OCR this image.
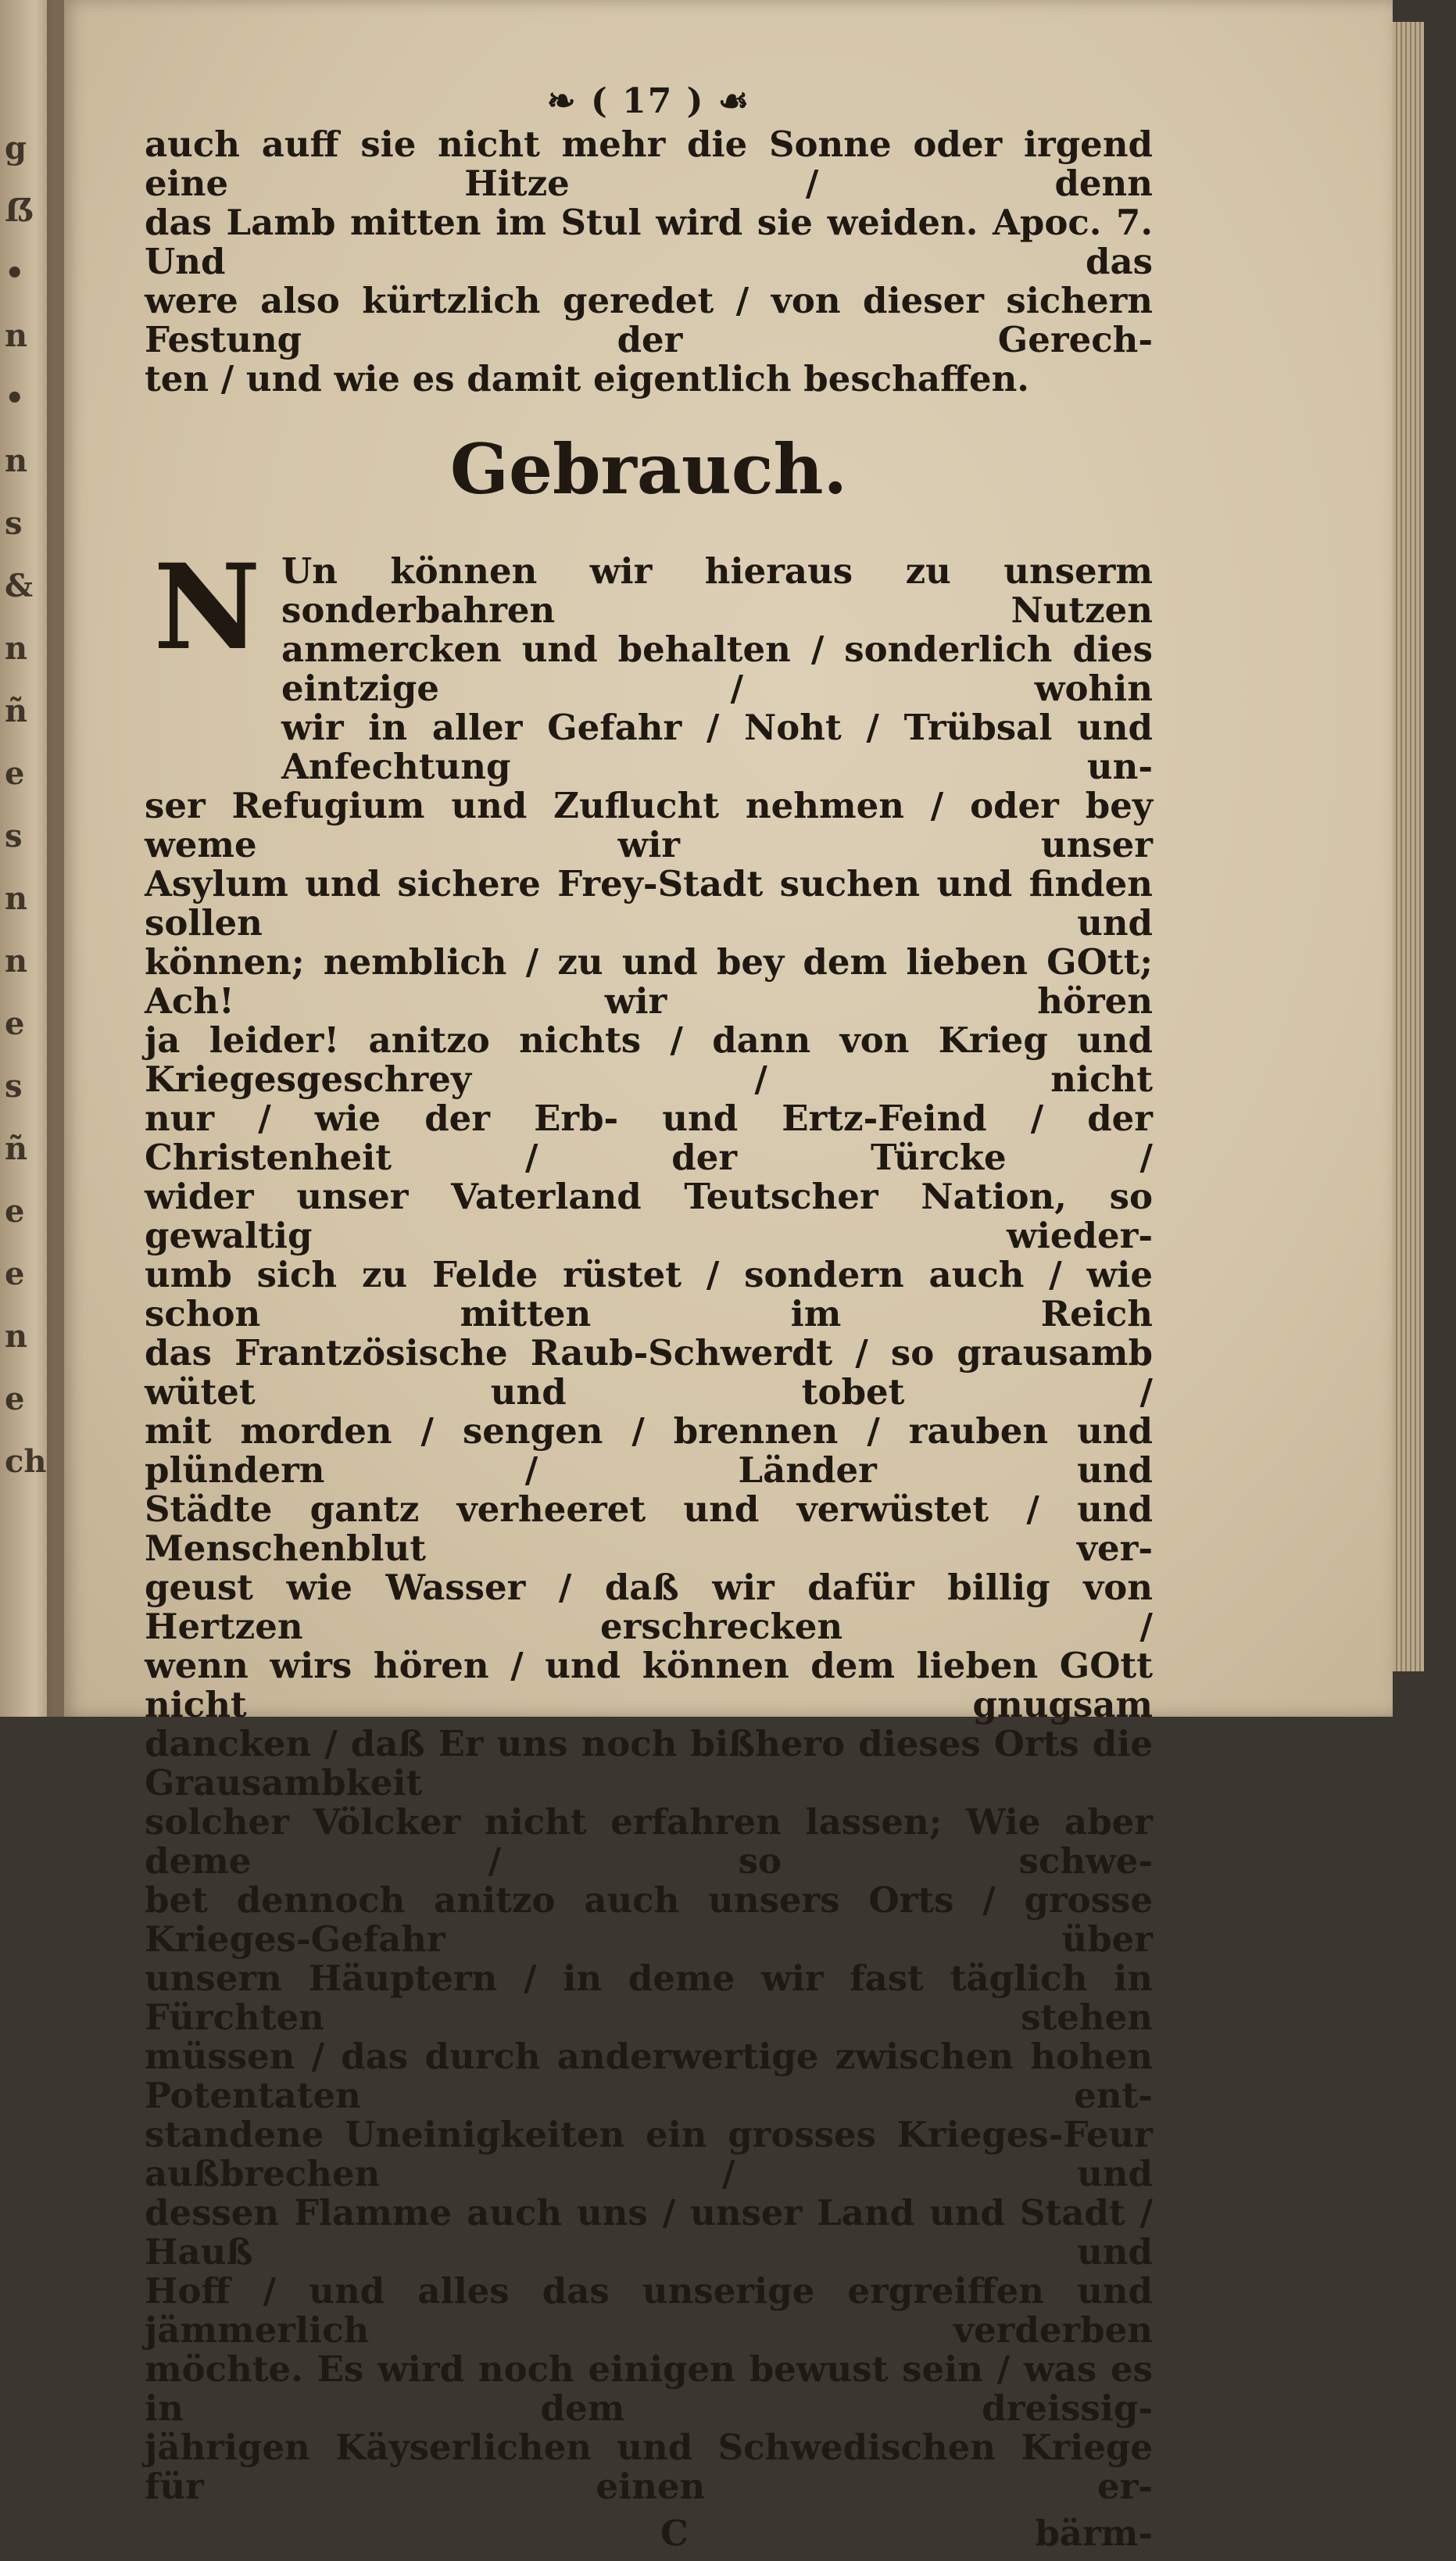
g
ẞ
•
n
•
n
s
&
n
ñ
e
s
n
n
e
s
ñ
e
e
n
e
ch
❧ ( 17 ) ☙

auch auff sie nicht mehr die Sonne oder irgend eine Hitze / denn

das Lamb mitten im Stul wird sie weiden. Apoc. 7. Und das

were also kürtzlich geredet / von dieser sichern Festung der Gerech-

ten / und wie es damit eigentlich beschaffen.

Gebrauch.
N Un können wir hieraus zu unserm sonderbahren Nutzen

anmercken und behalten / sonderlich dies eintzige / wohin

wir in aller Gefahr / Noht / Trübsal und Anfechtung un-

ser Refugium und Zuflucht nehmen / oder bey weme wir unser

Asylum und sichere Frey-Stadt suchen und finden sollen und

können; nemblich / zu und bey dem lieben GOtt; Ach! wir hören

ja leider! anitzo nichts / dann von Krieg und Kriegesgeschrey / nicht

nur / wie der Erb- und Ertz-Feind / der Christenheit / der Türcke /

wider unser Vaterland Teutscher Nation, so gewaltig wieder-

umb sich zu Felde rüstet / sondern auch / wie schon mitten im Reich

das Frantzösische Raub-Schwerdt / so grausamb wütet und tobet /

mit morden / sengen / brennen / rauben und plündern / Länder und

Städte gantz verheeret und verwüstet / und Menschenblut ver-

geust wie Wasser / daß wir dafür billig von Hertzen erschrecken /

wenn wirs hören / und können dem lieben GOtt nicht gnugsam

dancken / daß Er uns noch bißhero dieses Orts die Grausambkeit

solcher Völcker nicht erfahren lassen; Wie aber deme / so schwe-

bet dennoch anitzo auch unsers Orts / grosse Krieges-Gefahr über

unsern Häuptern / in deme wir fast täglich in Fürchten stehen

müssen / das durch anderwertige zwischen hohen Potentaten ent-

standene Uneinigkeiten ein grosses Krieges-Feur außbrechen / und

dessen Flamme auch uns / unser Land und Stadt / Hauß und

Hoff / und alles das unserige ergreiffen und jämmerlich verderben

möchte. Es wird noch einigen bewust sein / was es in dem dreissig-

jährigen Käyserlichen und Schwedischen Kriege für einen er-

C	bärm-
